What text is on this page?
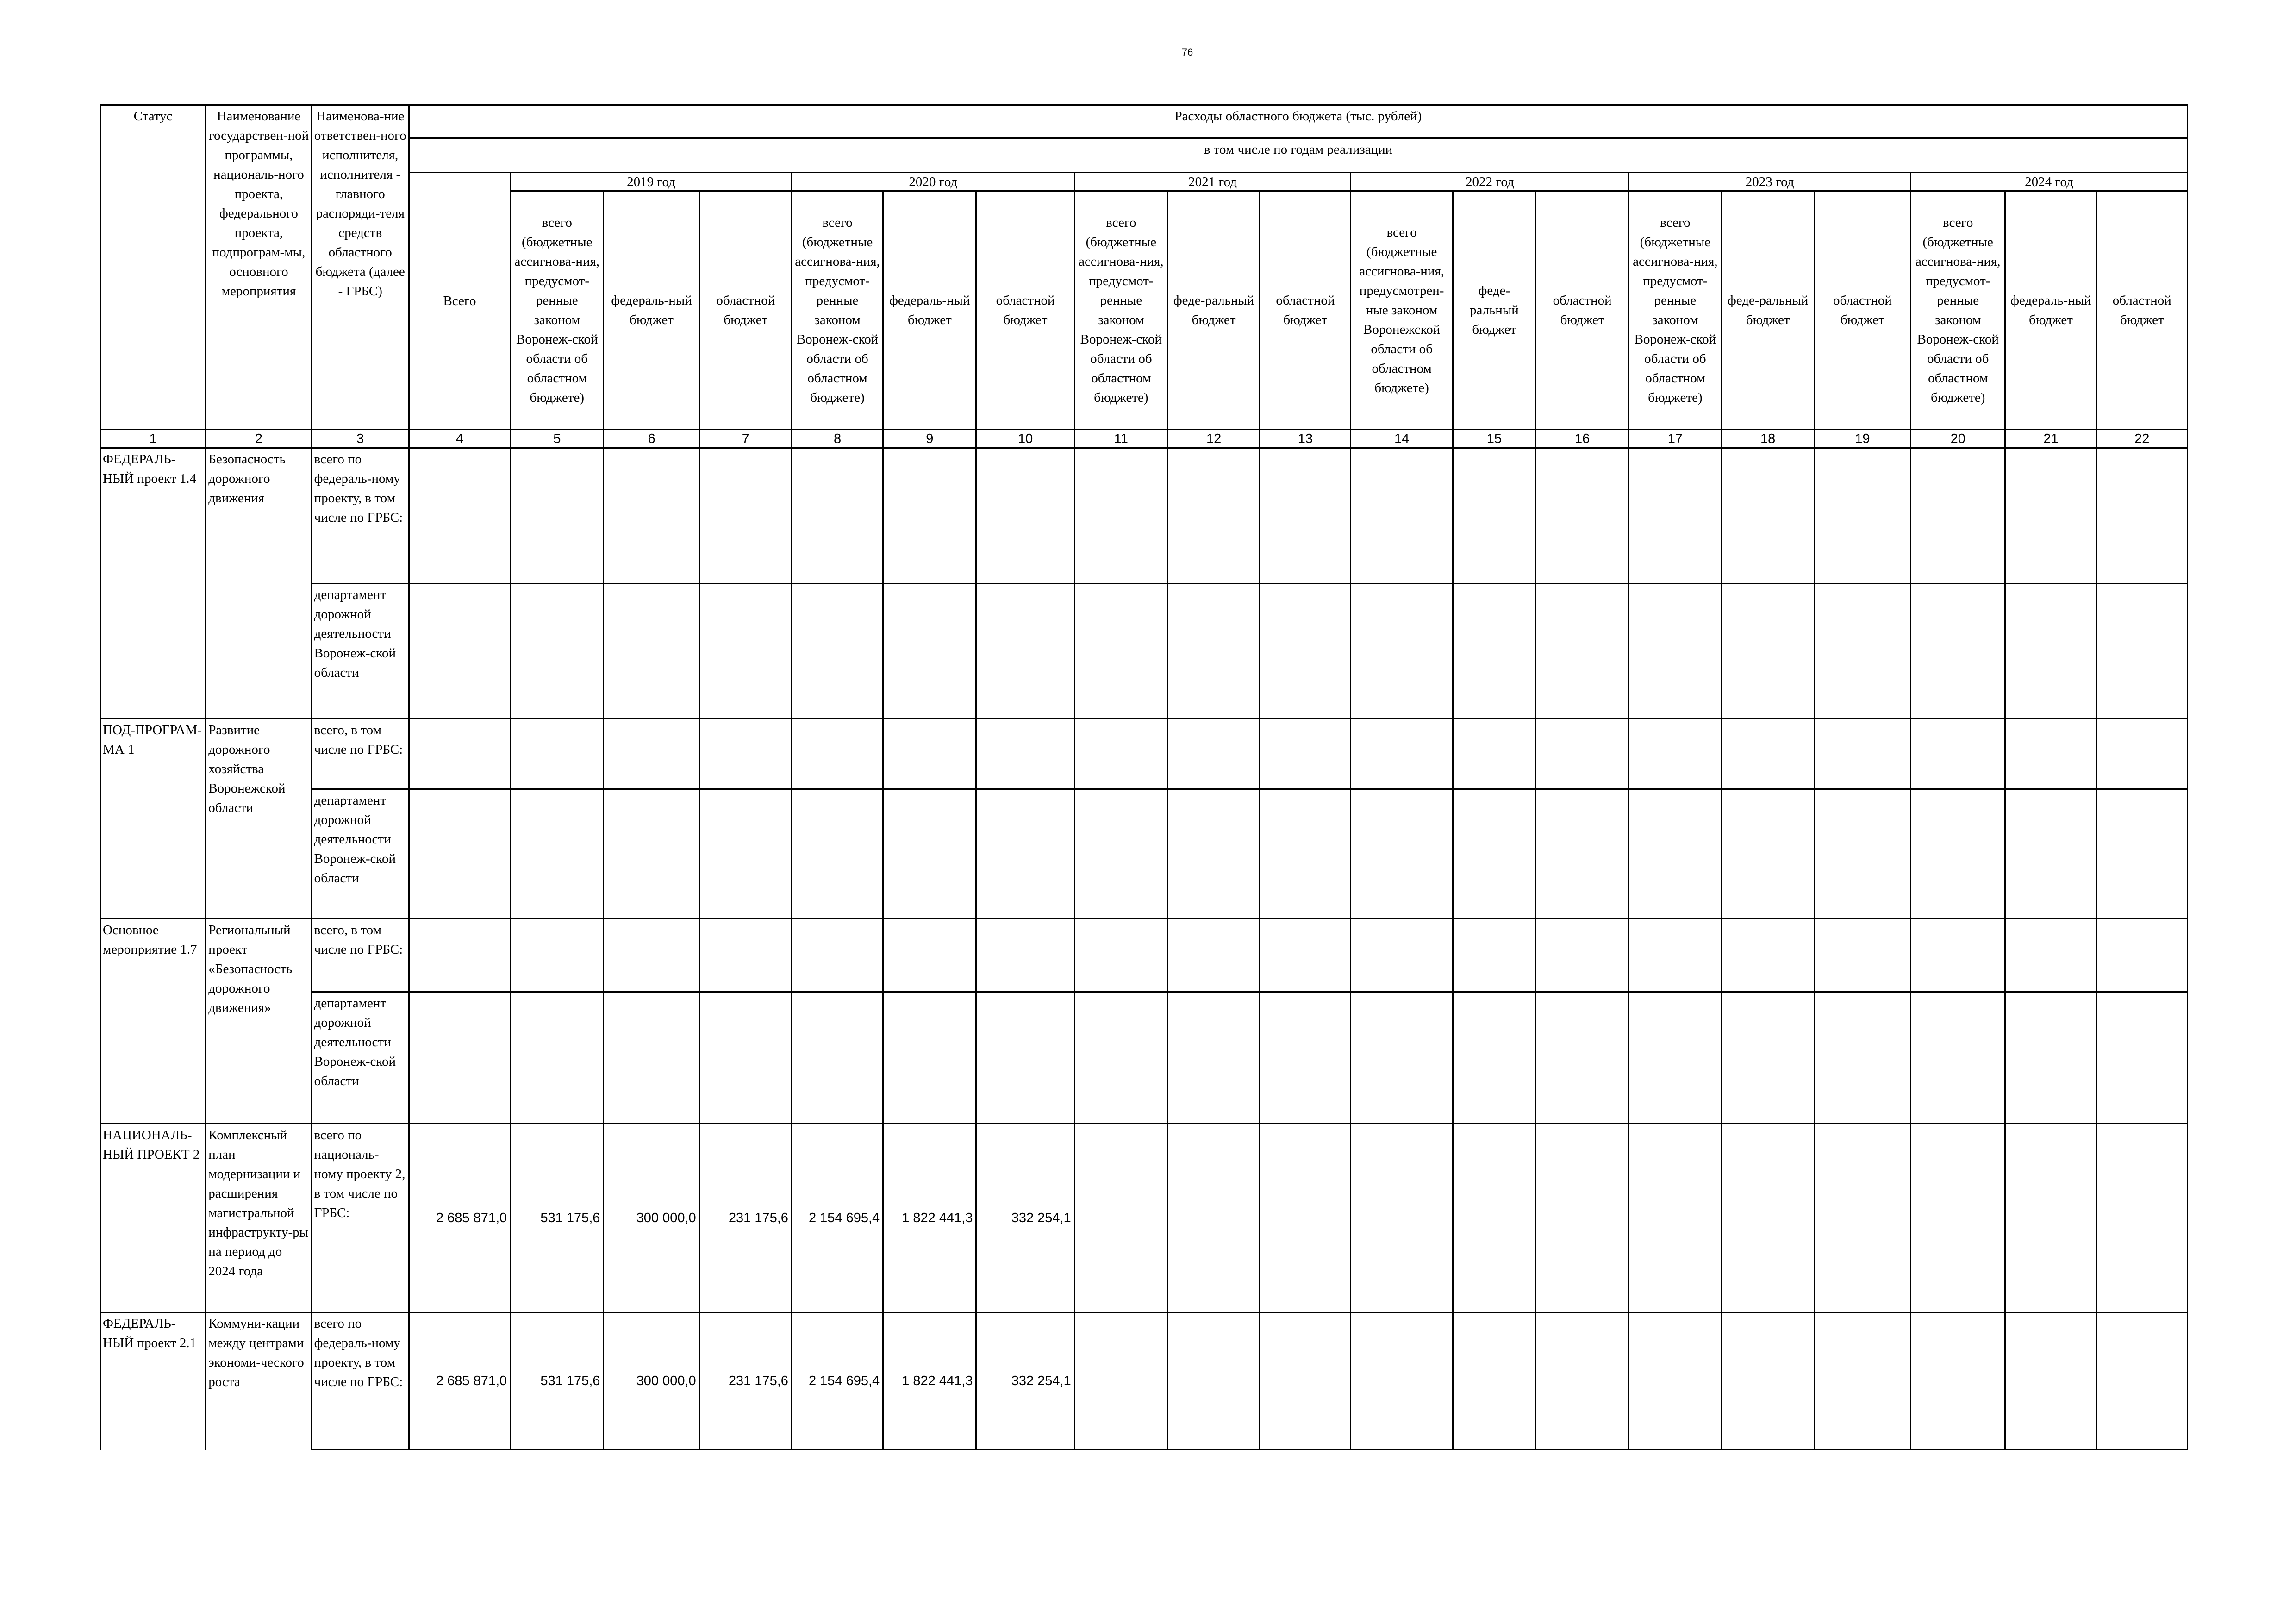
76
Статус	Наименование государствен-ной программы, националь-ного проекта, федерального проекта, подпрограм-мы, основного мероприятия	Наименова-ние ответствен-ного исполнителя, исполнителя - главного распоряди-теля средств областного бюджета (далее - ГРБС)	Расходы областного бюджета (тыс. рублей)																		
			в том числе по годам реализации																		
			Всего	2019 год			2020 год			2021 год			2022 год			2023 год			2024 год		
				всего (бюджетные ассигнова-ния, предусмот-ренные законом Воронеж-ской области об областном бюджете)	федераль-ный бюджет	областной бюджет	всего (бюджетные ассигнова-ния, предусмот-ренные законом Воронеж-ской области об областном бюджете)	федераль-ный бюджет	областной бюджет	всего (бюджетные ассигнова-ния, предусмот-ренные законом Воронеж-ской области об областном бюджете)	феде-ральный бюджет	областной бюджет	всего (бюджетные ассигнова-ния, предусмотрен-ные законом Воронежской области об областном бюджете)	феде-ральный бюджет	областной бюджет	всего (бюджетные ассигнова-ния, предусмот-ренные законом Воронеж-ской области об областном бюджете)	феде-ральный бюджет	областной бюджет	всего (бюджетные ассигнова-ния, предусмот-ренные законом Воронеж-ской области об областном бюджете)	федераль-ный бюджет	областной бюджет
1	2	3	4	5	6	7	8	9	10	11	12	13	14	15	16	17	18	19	20	21	22
ФЕДЕРАЛЬ-НЫЙ проект 1.4	Безопасность дорожного движения	всего по федераль-ному проекту, в том числе по ГРБС:																			
		департамент дорожной деятельности Воронеж-ской области																			
ПОД-ПРОГРАМ-МА 1	Развитие дорожного хозяйства Воронежской области	всего, в том числе по ГРБС:																			
		департамент дорожной деятельности Воронеж-ской области																			
Основное мероприятие 1.7	Региональный проект «Безопасность дорожного движения»	всего, в том числе по ГРБС:																			
		департамент дорожной деятельности Воронеж-ской области																			
НАЦИОНАЛЬ-НЫЙ ПРОЕКТ 2	Комплексный план модернизации и расширения магистральной инфраструкту-ры на период до 2024 года	всего по националь-ному проекту 2, в том числе по ГРБС:	2 685 871,0	531 175,6	300 000,0	231 175,6	2 154 695,4	1 822 441,3	332 254,1												
ФЕДЕРАЛЬ-НЫЙ проект 2.1	Коммуни-кации между центрами экономи-ческого роста	всего по федераль-ному проекту, в том числе по ГРБС:	2 685 871,0	531 175,6	300 000,0	231 175,6	2 154 695,4	1 822 441,3	332 254,1												
